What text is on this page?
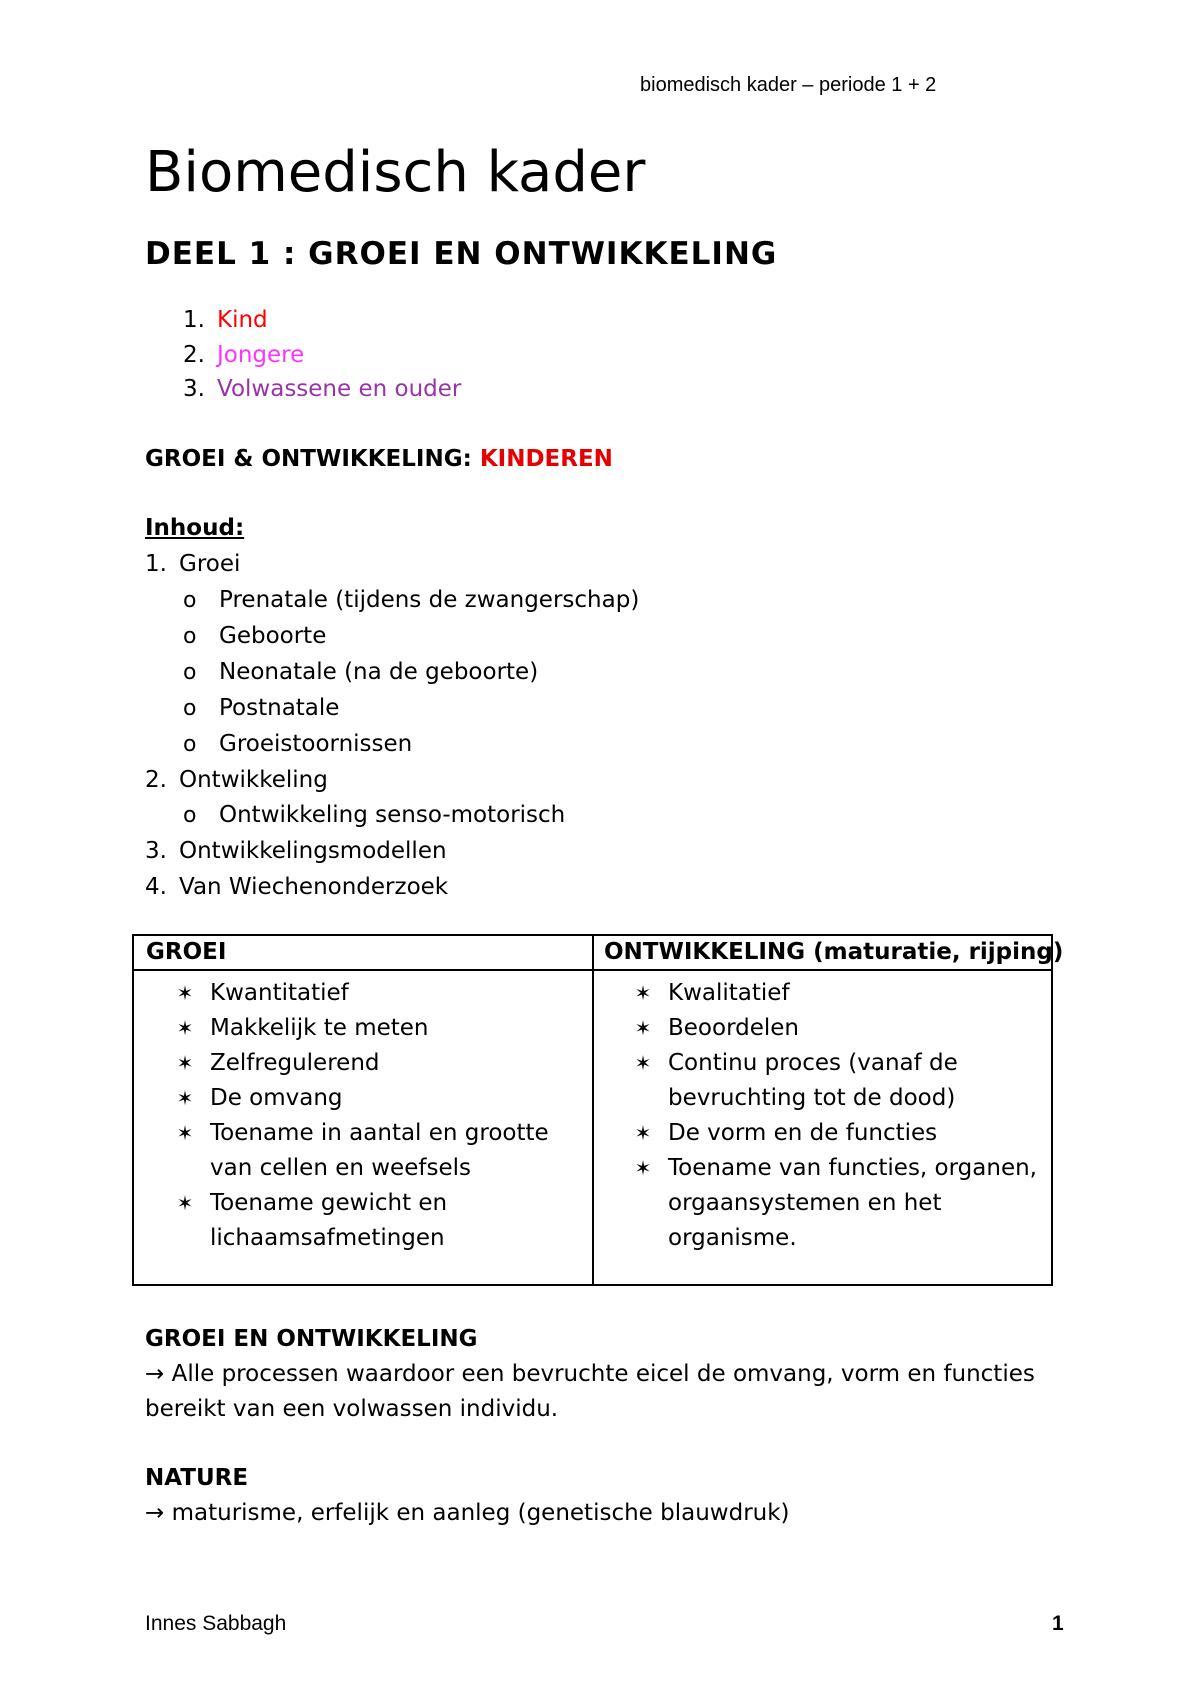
biomedisch kader – periode 1 + 2
Biomedisch kader
DEEL 1 : GROEI EN ONTWIKKELING
1. Kind
2. Jongere
3. Volwassene en ouder
GROEI & ONTWIKKELING: KINDEREN
Inhoud:
1. Groei
o Prenatale (tijdens de zwangerschap)
o Geboorte
o Neonatale (na de geboorte)
o Postnatale
o Groeistoornissen
2. Ontwikkeling
o Ontwikkeling senso-motorisch
3. Ontwikkelingsmodellen
4. Van Wiechenonderzoek
GROEI	ONTWIKKELING (maturatie, rijping)
✶ Kwantitatief
✶ Makkelijk te meten
✶ Zelfregulerend
✶ De omvang
✶ Toename in aantal en grootte van cellen en weefsels
✶ Toename gewicht en lichaamsafmetingen
✶ Kwalitatief
✶ Beoordelen
✶ Continu proces (vanaf de bevruchting tot de dood)
✶ De vorm en de functies
✶ Toename van functies, organen, orgaansystemen en het organisme.
GROEI EN ONTWIKKELING
→ Alle processen waardoor een bevruchte eicel de omvang, vorm en functies
bereikt van een volwassen individu.
NATURE
→ maturisme, erfelijk en aanleg (genetische blauwdruk)
Innes Sabbagh	1
